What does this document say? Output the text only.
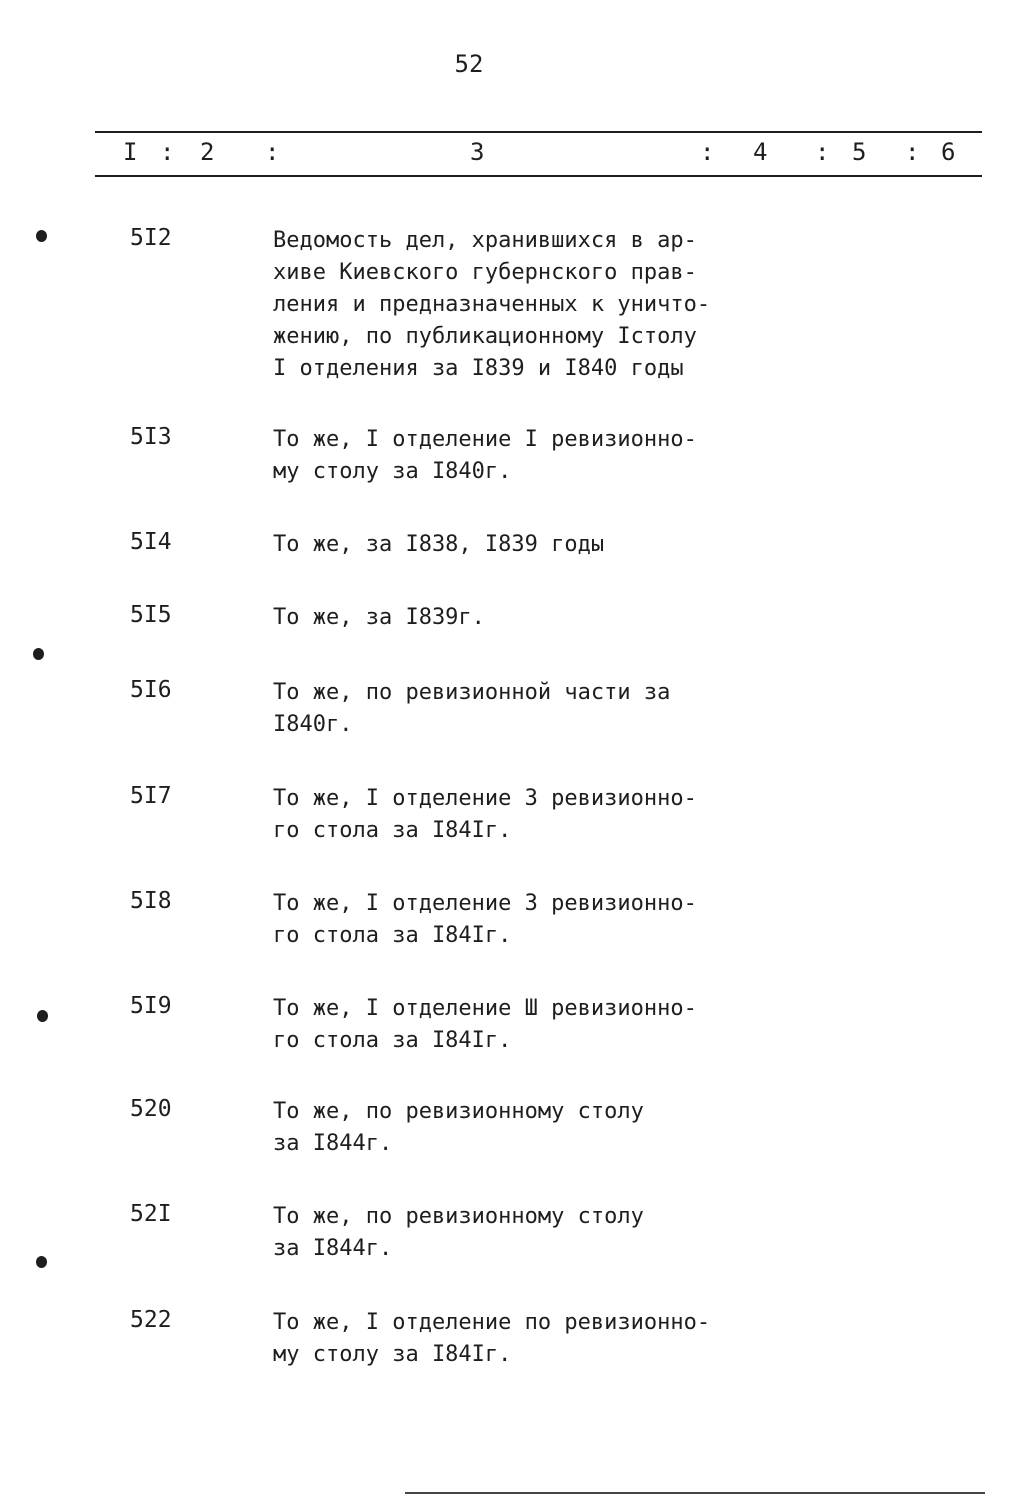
52
I : 2 :	3	: 4 : 5 : 6
5I2	Ведомость дел, хранившихся в ар-
хиве Киевского губернского прав-
ления и предназначенных к уничто-
жению, по публикационному Iстолу
I отделения за I839 и I840 годы
5I3	То же, I отделение I ревизионно-
му столу за I840г.
5I4	То же, за I838, I839 годы
5I5	То же, за I839г.
5I6	То же, по ревизионной части за
I840г.
5I7	То же, I отделение 3 ревизионно-
го стола за I84Iг.
5I8	То же, I отделение 3 ревизионно-
го стола за I84Iг.
5I9	То же, I отделение Ш ревизионно-
го стола за I84Iг.
520	То же, по ревизионному столу
за I844г.
52I	То же, по ревизионному столу
за I844г.
522	То же, I отделение по ревизионно-
му столу за I84Iг.
